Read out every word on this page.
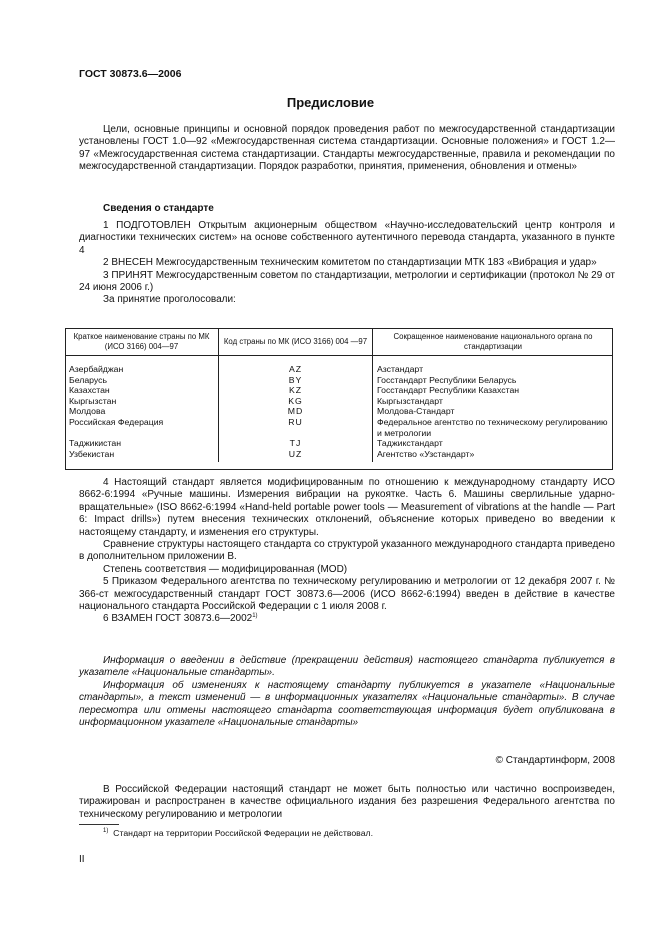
ГОСТ 30873.6—2006
Предисловие

Цели, основные принципы и основной порядок проведения работ по межгосударственной стандартизации установлены ГОСТ 1.0—92 «Межгосударственная система стандартизации. Основные положения» и ГОСТ 1.2—97 «Межгосударственная система стандартизации. Стандарты межгосударственные, правила и рекомендации по межгосударственной стандартизации. Порядок разработки, принятия, применения, обновления и отмены»

Сведения о стандарте

1 ПОДГОТОВЛЕН Открытым акционерным обществом «Научно-исследовательский центр контроля и диагностики технических систем» на основе собственного аутентичного перевода стандарта, указанного в пункте 4

2 ВНЕСЕН Межгосударственным техническим комитетом по стандартизации МТК 183 «Вибрация и удар»

3 ПРИНЯТ Межгосударственным советом по стандартизации, метрологии и сертификации (протокол № 29 от 24 июня 2006 г.)

За принятие проголосовали:

Краткое наименование страны по МК (ИСО 3166) 004—97	Код страны по МК (ИСО 3166) 004 —97	Сокращенное наименование национального органа по стандартизации
Азербайджан	AZ	Азстандарт
Беларусь	BY	Госстандарт Республики Беларусь
Казахстан	KZ	Госстандарт Республики Казахстан
Кыргызстан	KG	Кыргызстандарт
Молдова	MD	Молдова-Стандарт
Российская Федерация	RU	Федеральное агентство по техническому регулированию и метрологии
Таджикистан	TJ	Таджикстандарт
Узбекистан	UZ	Агентство «Узстандарт»

4 Настоящий стандарт является модифицированным по отношению к международному стандарту ИСО 8662-6:1994 «Ручные машины. Измерения вибрации на рукоятке. Часть 6. Машины сверлильные ударно-вращательные» (ISO 8662-6:1994 «Hand-held portable power tools — Measurement of vibrations at the handle — Part 6: Impact drills») путем внесения технических отклонений, объяснение которых приведено во введении к настоящему стандарту, и изменения его структуры.

Сравнение структуры настоящего стандарта со структурой указанного международного стандарта приведено в дополнительном приложении В.

Степень соответствия — модифицированная (MOD)

5 Приказом Федерального агентства по техническому регулированию и метрологии от 12 декабря 2007 г. № 366-ст межгосударственный стандарт ГОСТ 30873.6—2006 (ИСО 8662-6:1994) введен в действие в качестве национального стандарта Российской Федерации с 1 июля 2008 г.

6 ВЗАМЕН ГОСТ 30873.6—2002$^{1)}$

Информация о введении в действие (прекращении действия) настоящего стандарта публикуется в указателе «Национальные стандарты».

Информация об изменениях к настоящему стандарту публикуется в указателе «Национальные стандарты», а текст изменений — в информационных указателях «Национальные стандарты». В случае пересмотра или отмены настоящего стандарта соответствующая информация будет опубликована в информационном указателе «Национальные стандарты»

© Стандартинформ, 2008

В Российской Федерации настоящий стандарт не может быть полностью или частично воспроизведен, тиражирован и распространен в качестве официального издания без разрешения Федерального агентства по техническому регулированию и метрологии

$^{1)}$ Стандарт на территории Российской Федерации не действовал.
II
